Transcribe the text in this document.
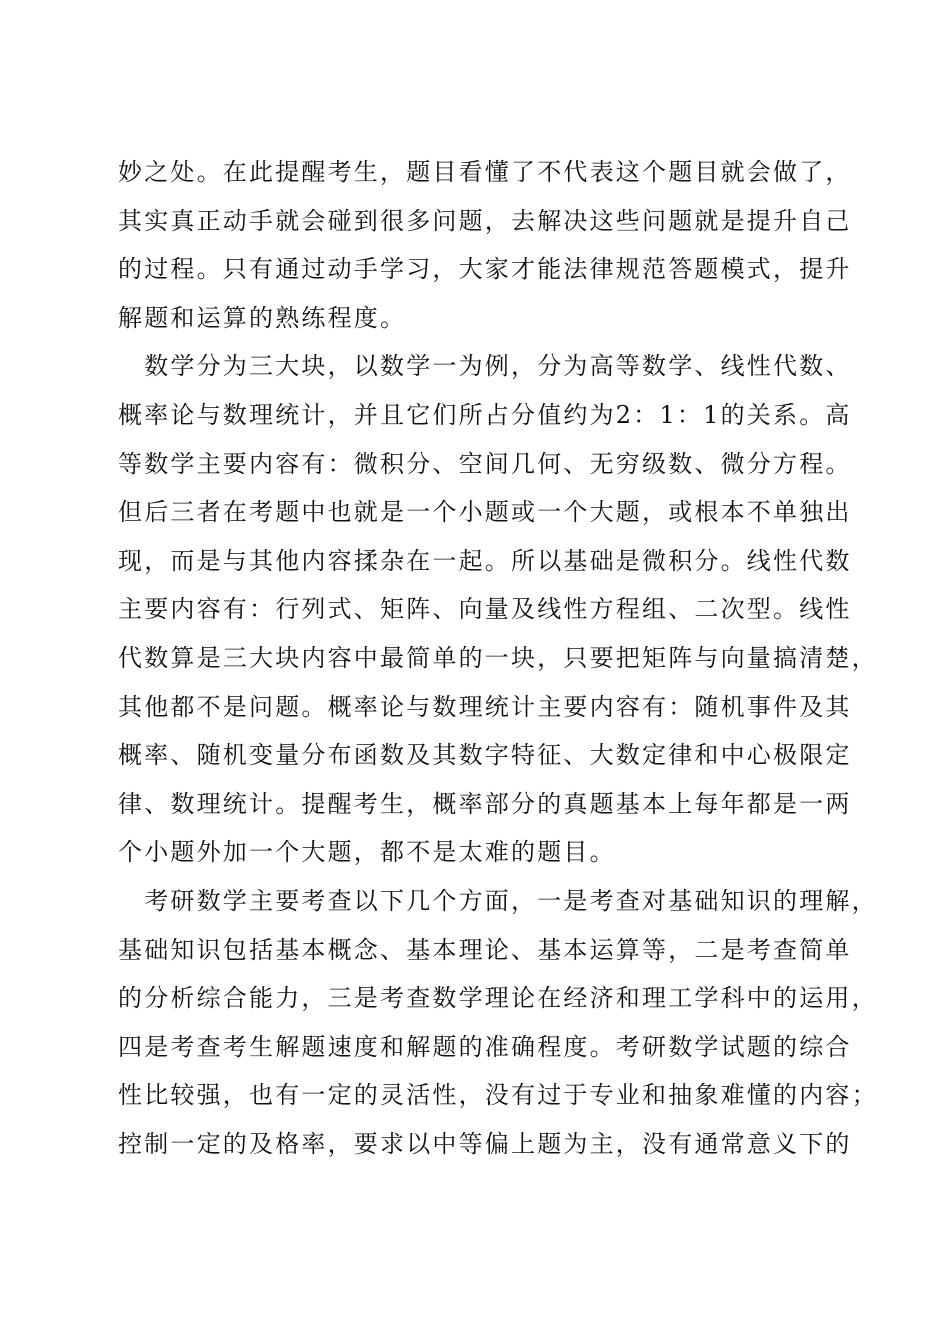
妙之处。在此提醒考生，题目看懂了不代表这个题目就会做了，
其实真正动手就会碰到很多问题，去解决这些问题就是提升自己
的过程。只有通过动手学习，大家才能法律规范答题模式，提升
解题和运算的熟练程度。
　数学分为三大块，以数学一为例，分为高等数学、线性代数、
概率论与数理统计，并且它们所占分值约为2：1：1的关系。高
等数学主要内容有：微积分、空间几何、无穷级数、微分方程。
但后三者在考题中也就是一个小题或一个大题，或根本不单独出
现，而是与其他内容揉杂在一起。所以基础是微积分。线性代数
主要内容有：行列式、矩阵、向量及线性方程组、二次型。线性
代数算是三大块内容中最简单的一块，只要把矩阵与向量搞清楚，
其他都不是问题。概率论与数理统计主要内容有：随机事件及其
概率、随机变量分布函数及其数字特征、大数定律和中心极限定
律、数理统计。提醒考生，概率部分的真题基本上每年都是一两
个小题外加一个大题，都不是太难的题目。
　考研数学主要考查以下几个方面，一是考查对基础知识的理解，
基础知识包括基本概念、基本理论、基本运算等，二是考查简单
的分析综合能力，三是考查数学理论在经济和理工学科中的运用，
四是考查考生解题速度和解题的准确程度。考研数学试题的综合
性比较强，也有一定的灵活性，没有过于专业和抽象难懂的内容；
控制一定的及格率，要求以中等偏上题为主，没有通常意义下的
